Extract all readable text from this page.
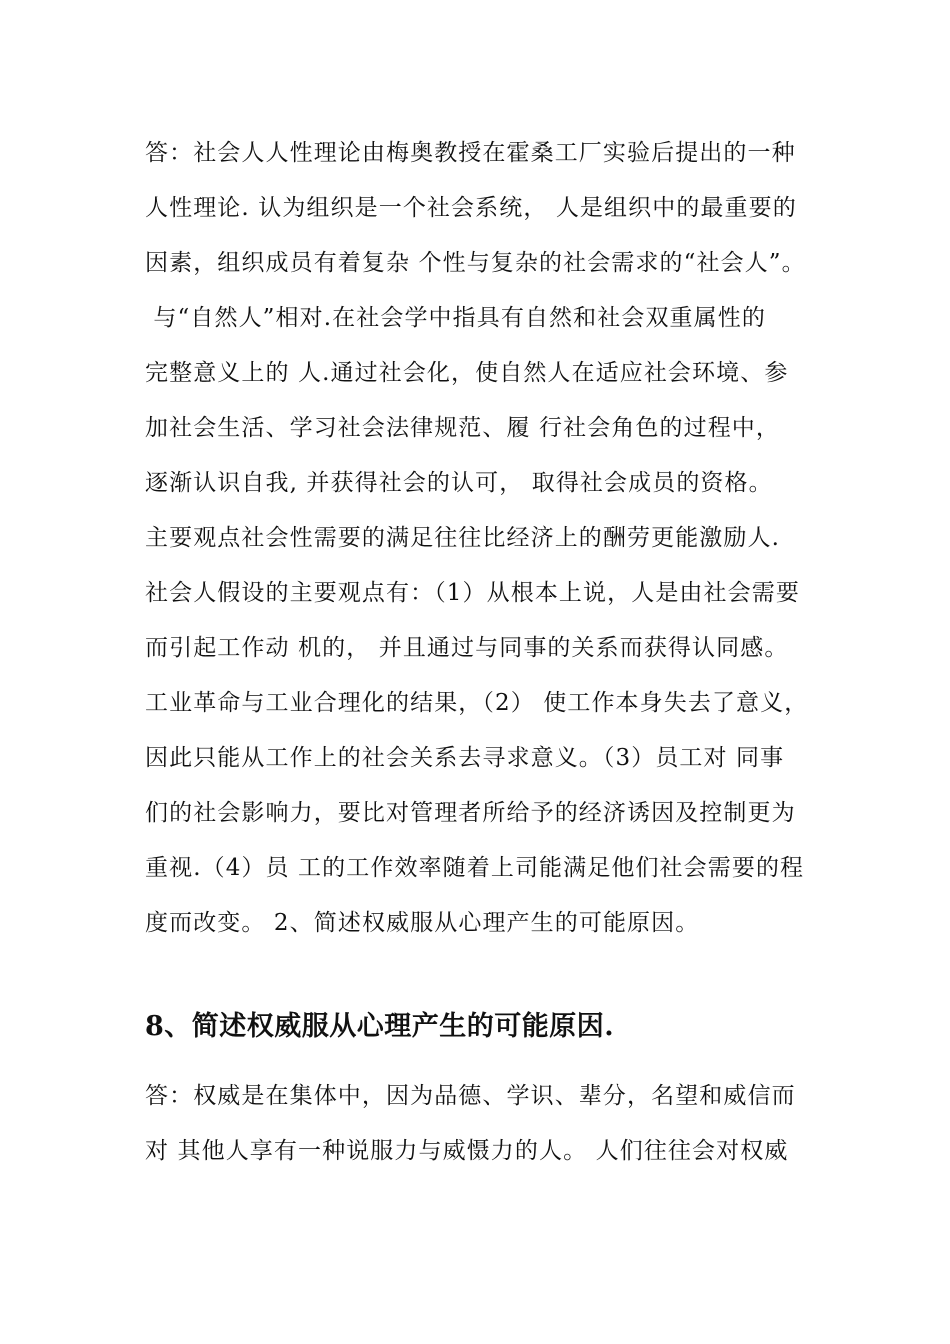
答：社会人人性理论由梅奥教授在霍桑工厂实验后提出的一种
人性理论. 认为组织是一个社会系统， 人是组织中的最重要的
因素，组织成员有着复杂 个性与复杂的社会需求的“社会人”。
与“自然人”相对.在社会学中指具有自然和社会双重属性的
完整意义上的 人.通过社会化，使自然人在适应社会环境、参
加社会生活、学习社会法律规范、履 行社会角色的过程中，
逐渐认识自我, 并获得社会的认可， 取得社会成员的资格。
主要观点社会性需要的满足往往比经济上的酬劳更能激励人.
社会人假设的主要观点有：（1）从根本上说，人是由社会需要
而引起工作动 机的， 并且通过与同事的关系而获得认同感。
工业革命与工业合理化的结果，（2） 使工作本身失去了意义，
因此只能从工作上的社会关系去寻求意义。（3）员工对 同事
们的社会影响力，要比对管理者所给予的经济诱因及控制更为
重视.（4）员 工的工作效率随着上司能满足他们社会需要的程
度而改变。 2、简述权威服从心理产生的可能原因。
8、简述权威服从心理产生的可能原因.
答：权威是在集体中，因为品德、学识、辈分，名望和威信而
对 其他人享有一种说服力与威慑力的人。 人们往往会对权威
